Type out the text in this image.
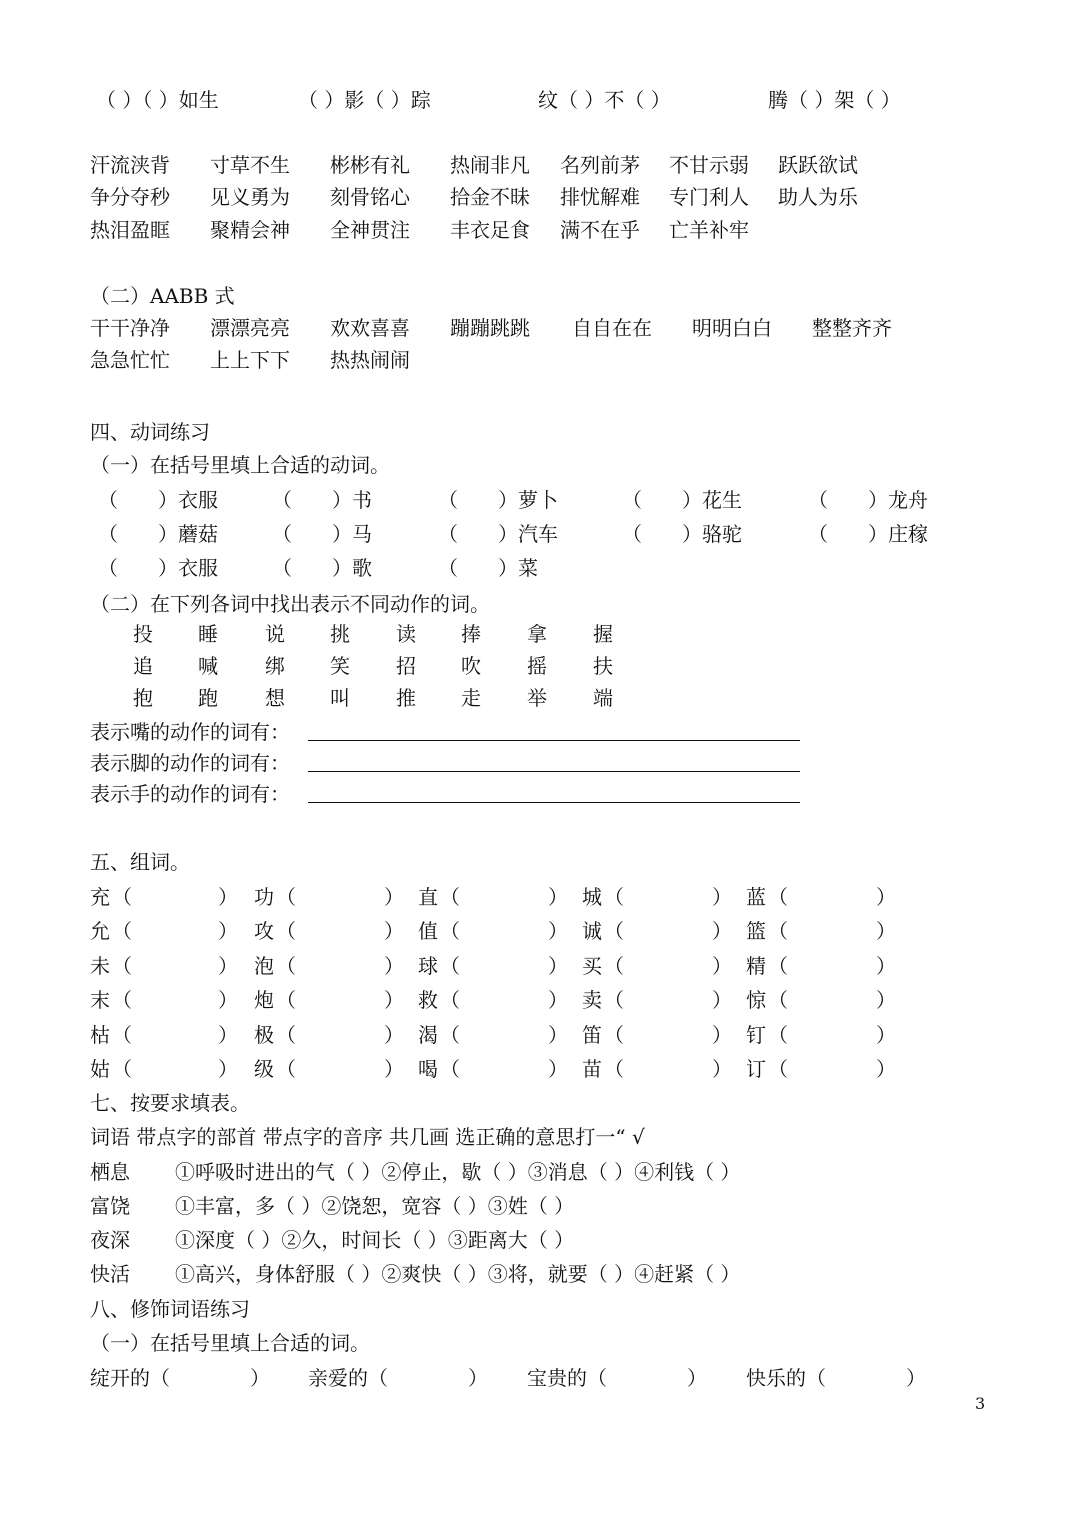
（ ）（ ）如生	（ ）影（ ）踪	纹（ ）不（ ）	腾（ ）架（ ）
汗流浃背 寸草不生 彬彬有礼 热闹非凡 名列前茅 不甘示弱 跃跃欲试
争分夺秒 见义勇为 刻骨铭心 拾金不昧 排忧解难 专门利人 助人为乐
热泪盈眶 聚精会神 全神贯注 丰衣足食 满不在乎 亡羊补牢
（二）AABB 式
干干净净 漂漂亮亮 欢欢喜喜 蹦蹦跳跳 自自在在 明明白白 整整齐齐
急急忙忙 上上下下 热热闹闹
四、动词练习
（一）在括号里填上合适的动词。
（　　）衣服	（　　）书	（　　）萝卜	（　　）花生	（　　）龙舟
（　　）蘑菇	（　　）马	（　　）汽车	（　　）骆驼	（　　）庄稼
（　　）衣服	（　　）歌	（　　）菜
（二）在下列各词中找出表示不同动作的词。
投 睡 说 挑 读 捧 拿 握
追 喊 绑 笑 招 吹 摇 扶
抱 跑 想 叫 推 走 举 端
表示嘴的动作的词有：
表示脚的动作的词有：
表示手的动作的词有：
五、组词。
充 （	） 功 （	） 直 （	） 城 （	） 蓝 （	）
允 （	） 攻 （	） 值 （	） 诚 （	） 篮 （	）
未 （	） 泡 （	） 球 （	） 买 （	） 精 （	）
末 （	） 炮 （	） 救 （	） 卖 （	） 惊 （	）
枯 （	） 极 （	） 渴 （	） 笛 （	） 钉 （	）
姑 （	） 级 （	） 喝 （	） 苗 （	） 订 （	）
七、按要求填表。
词语 带点字的部首 带点字的音序 共几画 选正确的意思打一“ √
栖息 ①呼吸时进出的气（ ）②停止，歇（ ）③消息（ ）④利钱（ ）
富饶 ①丰富，多（ ）②饶恕，宽容（ ）③姓（ ）
夜深 ①深度（ ）②久，时间长（ ）③距离大（ ）
快活 ①高兴，身体舒服（ ）②爽快（ ）③将，就要（ ）④赶紧（ ）
八、修饰词语练习
（一）在括号里填上合适的词。
绽开的（　　　　） 亲爱的（　　　　） 宝贵的（　　　　） 快乐的（　　　　）
3
